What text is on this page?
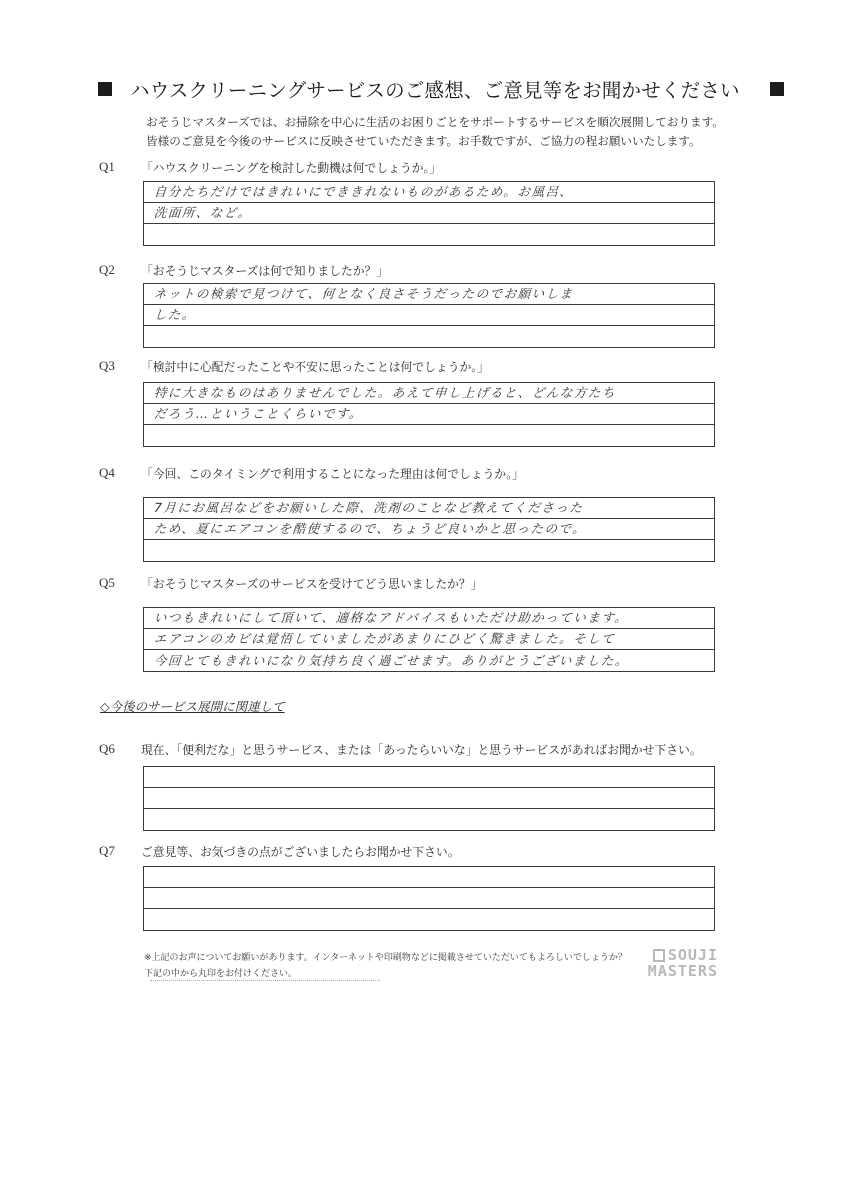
ハウスクリーニングサービスのご感想、ご意見等をお聞かせください
おそうじマスターズでは、お掃除を中心に生活のお困りごとをサポートするサービスを順次展開しております。
皆様のご意見を今後のサービスに反映させていただきます。お手数ですが、ご協力の程お願いいたします。
Q1 「ハウスクリーニングを検討した動機は何でしょうか。」
自分たちだけではきれいにでききれないものがあるため。お風呂、
洗面所、など。
Q2 「おそうじマスターズは何で知りましたか？」
ネットの検索で見つけて、何となく良さそうだったのでお願いしま
した。
Q3 「検討中に心配だったことや不安に思ったことは何でしょうか。」
特に大きなものはありませんでした。あえて申し上げると、どんな方たち
だろう…ということくらいです。
Q4 「今回、このタイミングで利用することになった理由は何でしょうか。」
7月にお風呂などをお願いした際、洗剤のことなど教えてくださった
ため、夏にエアコンを酷使するので、ちょうど良いかと思ったので。
Q5 「おそうじマスターズのサービスを受けてどう思いましたか？」
いつもきれいにして頂いて、適格なアドバイスもいただけ助かっています。
エアコンのカビは覚悟していましたがあまりにひどく驚きました。そして
今回とてもきれいになり気持ち良く過ごせます。ありがとうございました。
◇今後のサービス展開に関連して
Q6 現在、「便利だな」と思うサービス、または「あったらいいな」と思うサービスがあればお聞かせ下さい。
Q7 ご意見等、お気づきの点がございましたらお聞かせ下さい。
※上記のお声についてお願いがあります。インターネットや印刷物などに掲載させていただいてもよろしいでしょうか？
下記の中から丸印をお付けください。
SOUJI
MASTERS
